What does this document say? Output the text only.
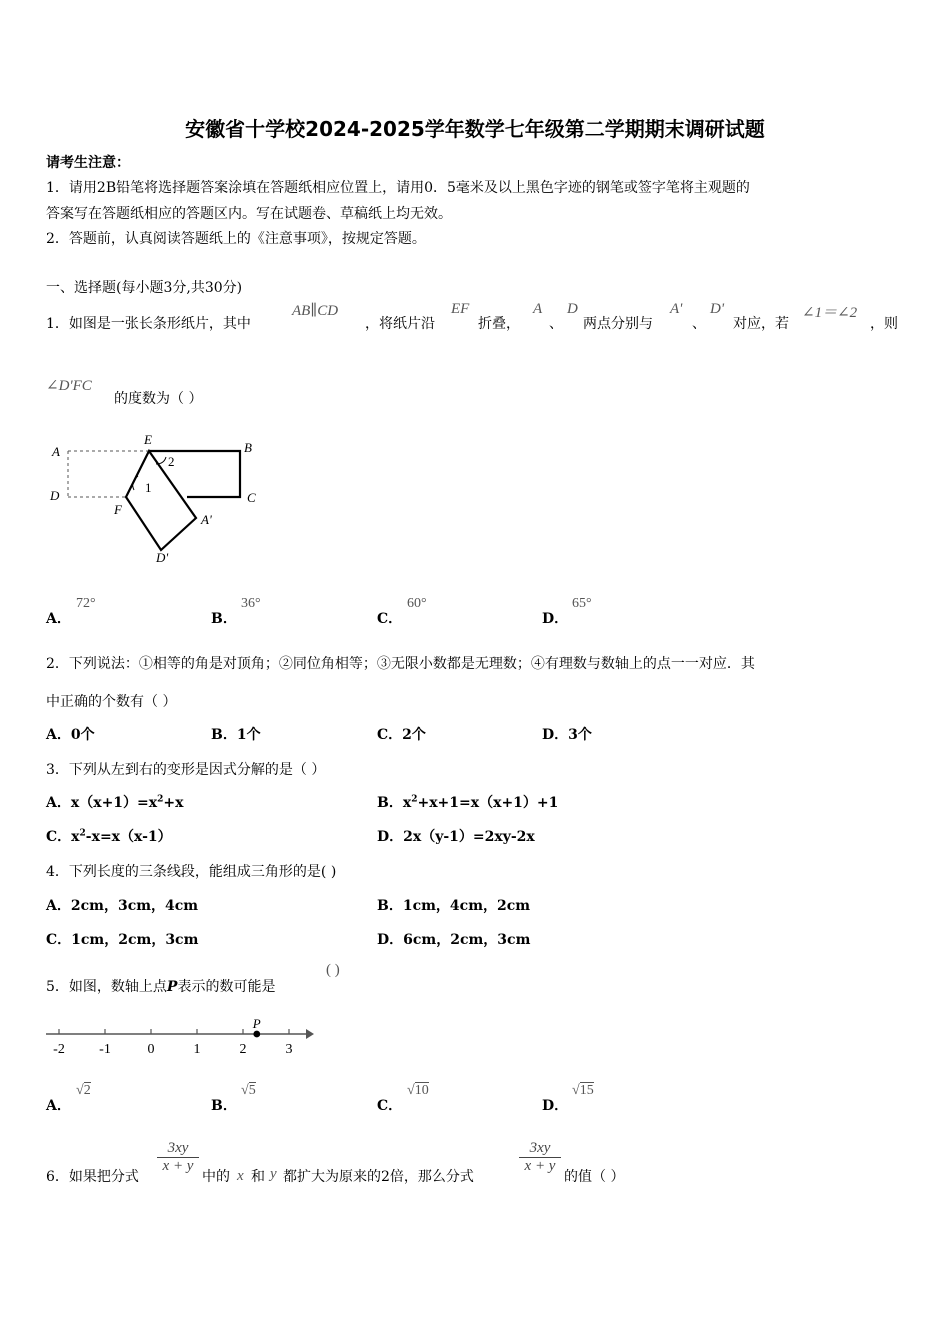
安徽省十学校2024-2025学年数学七年级第二学期期末调研试题
请考生注意：
1．请用2B铅笔将选择题答案涂填在答题纸相应位置上，请用0．5毫米及以上黑色字迹的钢笔或签字笔将主观题的
答案写在答题纸相应的答题区内。写在试题卷、草稿纸上均无效。
2．答题前，认真阅读答题纸上的《注意事项》，按规定答题。
一、选择题(每小题3分,共30分)
1．如图是一张长条形纸片，其中
AB∥CD
，将纸片沿
EF
折叠，
A
、
D
两点分别与
A'
、
D'
对应，若
∠1＝∠2
，则
∠D'FC
的度数为（ ）
A
E
B
D	C
F
A'
D'
1
2
A．
72°
B．
36°
C．
60°
D．
65°
2．下列说法：①相等的角是对顶角；②同位角相等；③无限小数都是无理数；④有理数与数轴上的点一一对应．其
中正确的个数有（ ）
A．0个	B．1个	C．2个	D．3个
3．下列从左到右的变形是因式分解的是（ ）
A．$x(x+1)=x^2+x$	B．$x^2+x+1=x(x+1)+1$
C．$x^2-x=x(x-1)$	D．2x（y-1）=2xy-2x
4．下列长度的三条线段，能组成三角形的是( )
A．2cm，3cm，4cm	B．1cm，4cm，2cm
C．1cm，2cm，3cm	D．6cm，2cm，3cm
5．如图，数轴上点P表示的数可能是
( )
-2 -1	0	1	2	3
P
A．
√2
B．
√5
C．
√10
D．
√15
6．如果把分式
3xy
x + y
中的 x 和 y 都扩大为原来的2倍，那么分式
3xy
x + y
的值（ ）
